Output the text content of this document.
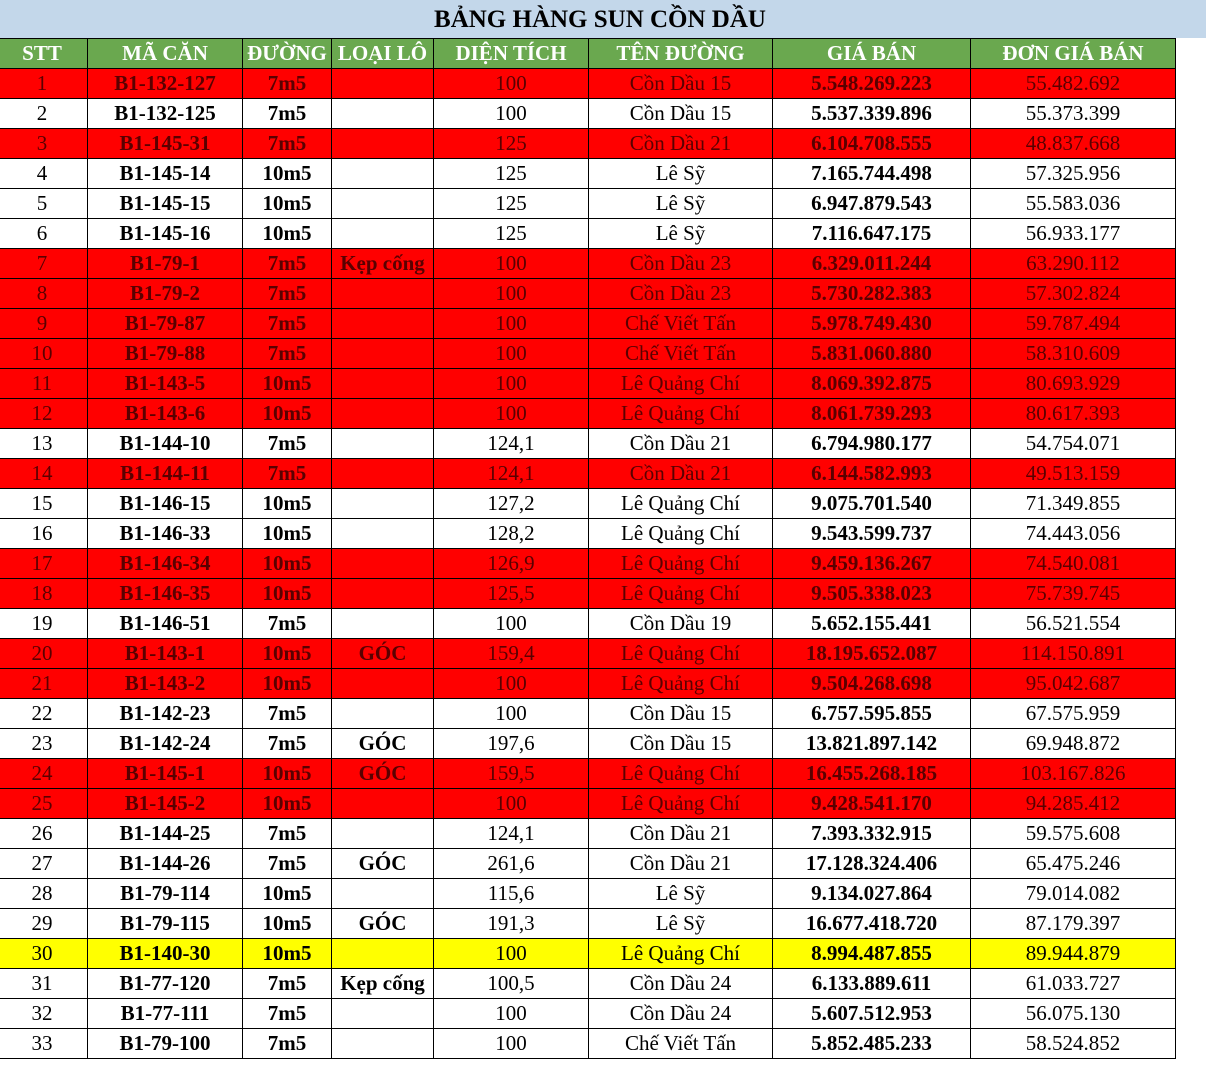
BẢNG HÀNG SUN CỒN DẦU
STT	MÃ CĂN	ĐƯỜNG	LOẠI LÔ	DIỆN TÍCH	TÊN ĐƯỜNG	GIÁ BÁN	ĐƠN GIÁ BÁN	
1	B1-132-127	7m5		100	Cồn Dầu 15	5.548.269.223	55.482.692	
2	B1-132-125	7m5		100	Cồn Dầu 15	5.537.339.896	55.373.399	
3	B1-145-31	7m5		125	Cồn Dầu 21	6.104.708.555	48.837.668	
4	B1-145-14	10m5		125	Lê Sỹ	7.165.744.498	57.325.956	
5	B1-145-15	10m5		125	Lê Sỹ	6.947.879.543	55.583.036	
6	B1-145-16	10m5		125	Lê Sỹ	7.116.647.175	56.933.177	
7	B1-79-1	7m5	Kẹp cống	100	Cồn Dầu 23	6.329.011.244	63.290.112	
8	B1-79-2	7m5		100	Cồn Dầu 23	5.730.282.383	57.302.824	
9	B1-79-87	7m5		100	Chế Viết Tấn	5.978.749.430	59.787.494	
10	B1-79-88	7m5		100	Chế Viết Tấn	5.831.060.880	58.310.609	
11	B1-143-5	10m5		100	Lê Quảng Chí	8.069.392.875	80.693.929	
12	B1-143-6	10m5		100	Lê Quảng Chí	8.061.739.293	80.617.393	
13	B1-144-10	7m5		124,1	Cồn Dầu 21	6.794.980.177	54.754.071	
14	B1-144-11	7m5		124,1	Cồn Dầu 21	6.144.582.993	49.513.159	
15	B1-146-15	10m5		127,2	Lê Quảng Chí	9.075.701.540	71.349.855	
16	B1-146-33	10m5		128,2	Lê Quảng Chí	9.543.599.737	74.443.056	
17	B1-146-34	10m5		126,9	Lê Quảng Chí	9.459.136.267	74.540.081	
18	B1-146-35	10m5		125,5	Lê Quảng Chí	9.505.338.023	75.739.745	
19	B1-146-51	7m5		100	Cồn Dầu 19	5.652.155.441	56.521.554	
20	B1-143-1	10m5	GÓC	159,4	Lê Quảng Chí	18.195.652.087	114.150.891	
21	B1-143-2	10m5		100	Lê Quảng Chí	9.504.268.698	95.042.687	
22	B1-142-23	7m5		100	Cồn Dầu 15	6.757.595.855	67.575.959	
23	B1-142-24	7m5	GÓC	197,6	Cồn Dầu 15	13.821.897.142	69.948.872	
24	B1-145-1	10m5	GÓC	159,5	Lê Quảng Chí	16.455.268.185	103.167.826	
25	B1-145-2	10m5		100	Lê Quảng Chí	9.428.541.170	94.285.412	
26	B1-144-25	7m5		124,1	Cồn Dầu 21	7.393.332.915	59.575.608	
27	B1-144-26	7m5	GÓC	261,6	Cồn Dầu 21	17.128.324.406	65.475.246	
28	B1-79-114	10m5		115,6	Lê Sỹ	9.134.027.864	79.014.082	
29	B1-79-115	10m5	GÓC	191,3	Lê Sỹ	16.677.418.720	87.179.397	
30	B1-140-30	10m5		100	Lê Quảng Chí	8.994.487.855	89.944.879	
31	B1-77-120	7m5	Kẹp cống	100,5	Cồn Dầu 24	6.133.889.611	61.033.727	
32	B1-77-111	7m5		100	Cồn Dầu 24	5.607.512.953	56.075.130	
33	B1-79-100	7m5		100	Chế Viết Tấn	5.852.485.233	58.524.852	
